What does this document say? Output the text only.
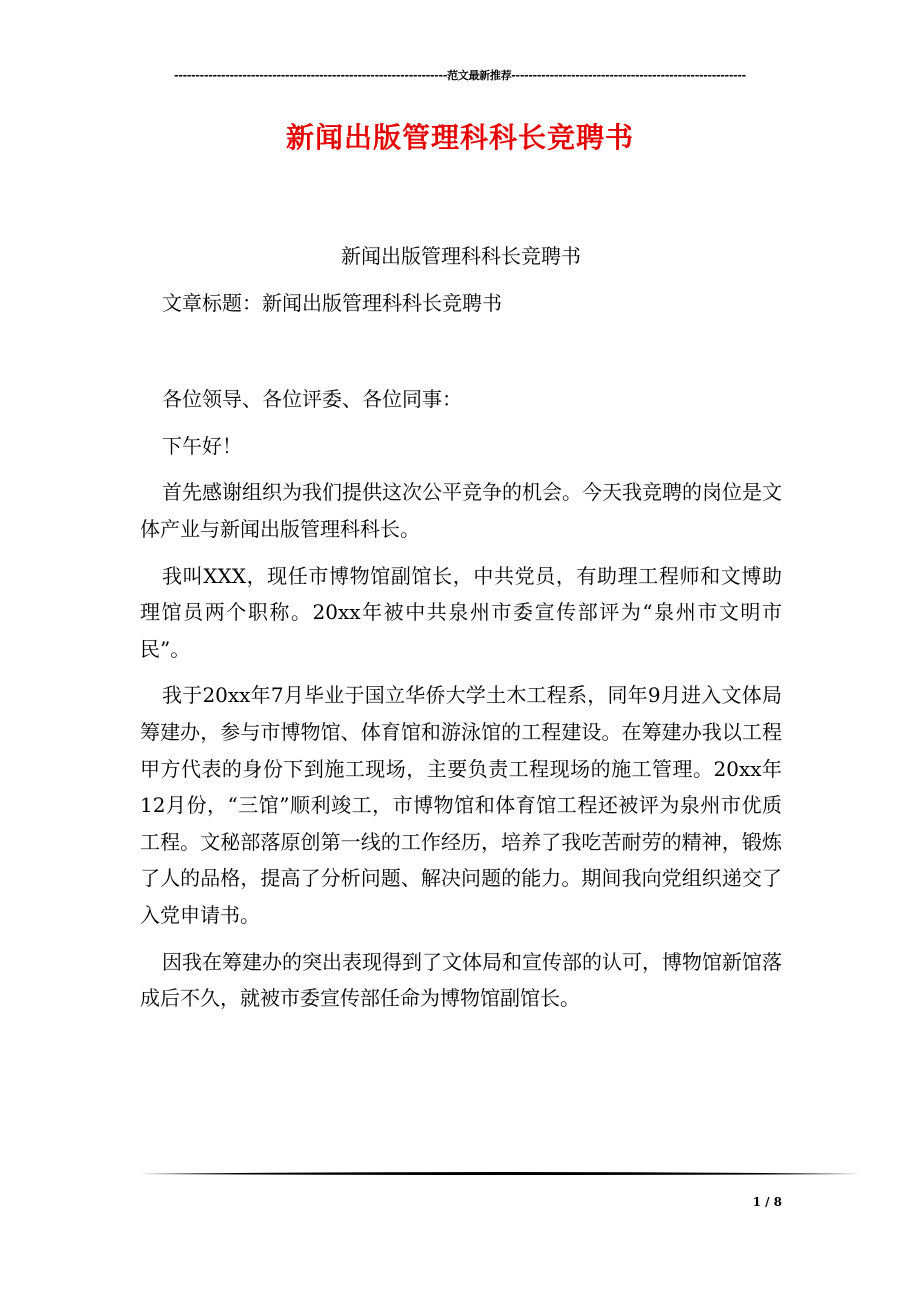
----------------------------------------------------------------范文最新推荐-------------------------------------------------------
新闻出版管理科科长竞聘书

新闻出版管理科科长竞聘书

文章标题：新闻出版管理科科长竞聘书

各位领导、各位评委、各位同事：

下午好！

首先感谢组织为我们提供这次公平竞争的机会。今天我竞聘的岗位是文体产业与新闻出版管理科科长。

我叫XXX，现任市博物馆副馆长，中共党员，有助理工程师和文博助理馆员两个职称。20xx年被中共泉州市委宣传部评为“泉州市文明市民”。

我于20xx年7月毕业于国立华侨大学土木工程系，同年9月进入文体局筹建办，参与市博物馆、体育馆和游泳馆的工程建设。在筹建办我以工程甲方代表的身份下到施工现场，主要负责工程现场的施工管理。20xx年12月份，“三馆”顺利竣工，市博物馆和体育馆工程还被评为泉州市优质工程。文秘部落原创第一线的工作经历，培养了我吃苦耐劳的精神，锻炼了人的品格，提高了分析问题、解决问题的能力。期间我向党组织递交了入党申请书。

因我在筹建办的突出表现得到了文体局和宣传部的认可，博物馆新馆落成后不久，就被市委宣传部任命为博物馆副馆长。

1 / 8
